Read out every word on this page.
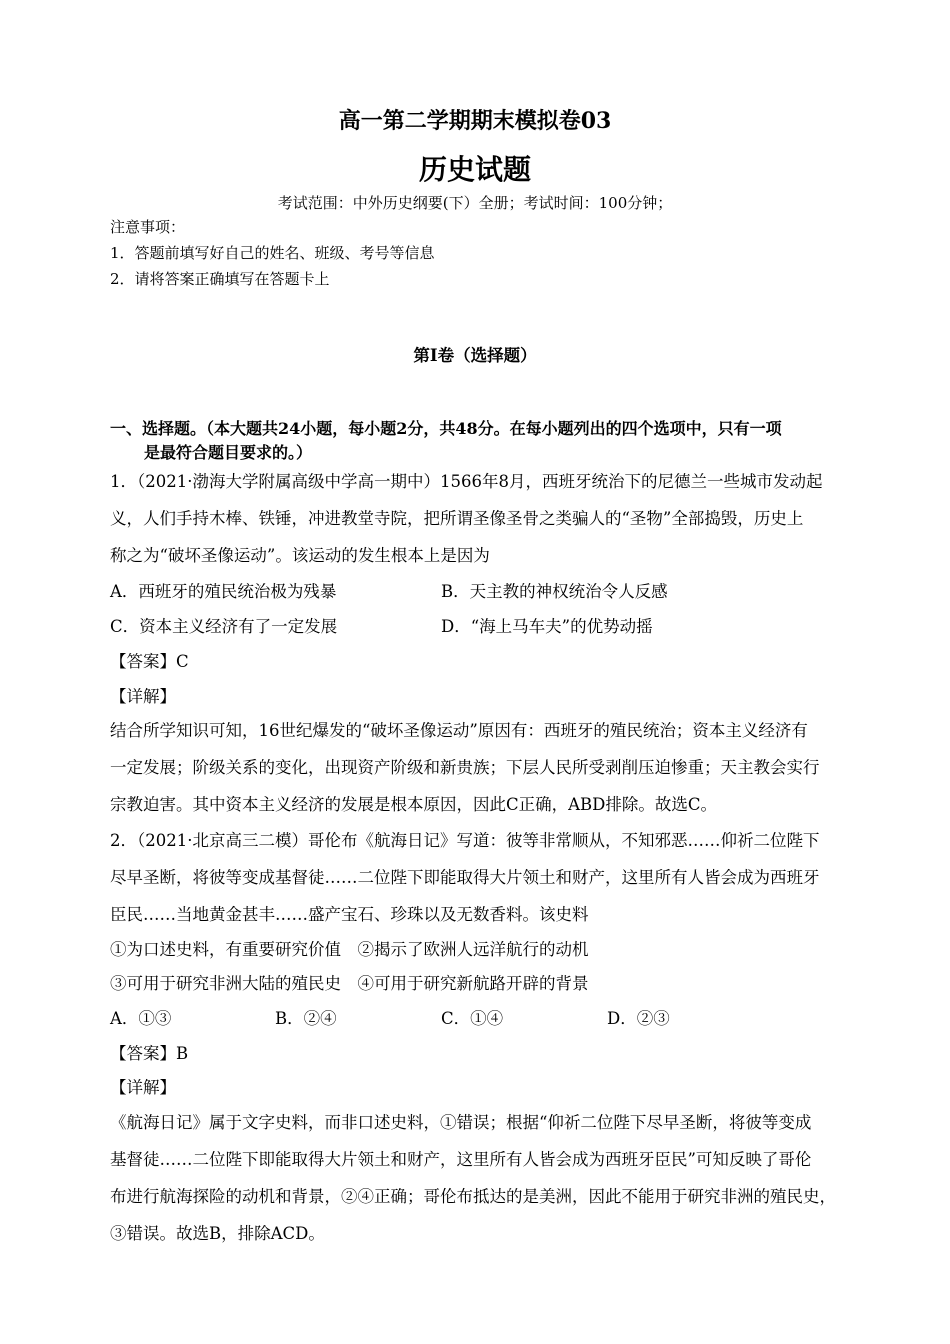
高一第二学期期末模拟卷03
历史试题
考试范围：中外历史纲要(下）全册；考试时间：100分钟；
注意事项：
1．答题前填写好自己的姓名、班级、考号等信息
2．请将答案正确填写在答题卡上
第I卷（选择题）
一、选择题。（本大题共24小题，每小题2分，共48分。在每小题列出的四个选项中，只有一项
是最符合题目要求的。）
1．（2021·渤海大学附属高级中学高一期中）1566年8月，西班牙统治下的尼德兰一些城市发动起
义，人们手持木棒、铁锤，冲进教堂寺院，把所谓圣像圣骨之类骗人的“圣物”全部捣毁，历史上
称之为“破坏圣像运动”。该运动的发生根本上是因为
A．西班牙的殖民统治极为残暴	B．天主教的神权统治令人反感
C．资本主义经济有了一定发展	D．“海上马车夫”的优势动摇
【答案】C
【详解】
结合所学知识可知，16世纪爆发的“破坏圣像运动”原因有：西班牙的殖民统治；资本主义经济有
一定发展；阶级关系的变化，出现资产阶级和新贵族；下层人民所受剥削压迫惨重；天主教会实行
宗教迫害。其中资本主义经济的发展是根本原因，因此C正确，ABD排除。故选C。
2．（2021·北京高三二模）哥伦布《航海日记》写道：彼等非常顺从，不知邪恶……仰祈二位陛下
尽早圣断，将彼等变成基督徒……二位陛下即能取得大片领土和财产，这里所有人皆会成为西班牙
臣民……当地黄金甚丰……盛产宝石、珍珠以及无数香料。该史料
①为口述史料，有重要研究价值　②揭示了欧洲人远洋航行的动机
③可用于研究非洲大陆的殖民史　④可用于研究新航路开辟的背景
A．①③	B．②④	C．①④	D．②③
【答案】B
【详解】
《航海日记》属于文字史料，而非口述史料，①错误；根据“仰祈二位陛下尽早圣断，将彼等变成
基督徒……二位陛下即能取得大片领土和财产，这里所有人皆会成为西班牙臣民”可知反映了哥伦
布进行航海探险的动机和背景，②④正确；哥伦布抵达的是美洲，因此不能用于研究非洲的殖民史，
③错误。故选B，排除ACD。
